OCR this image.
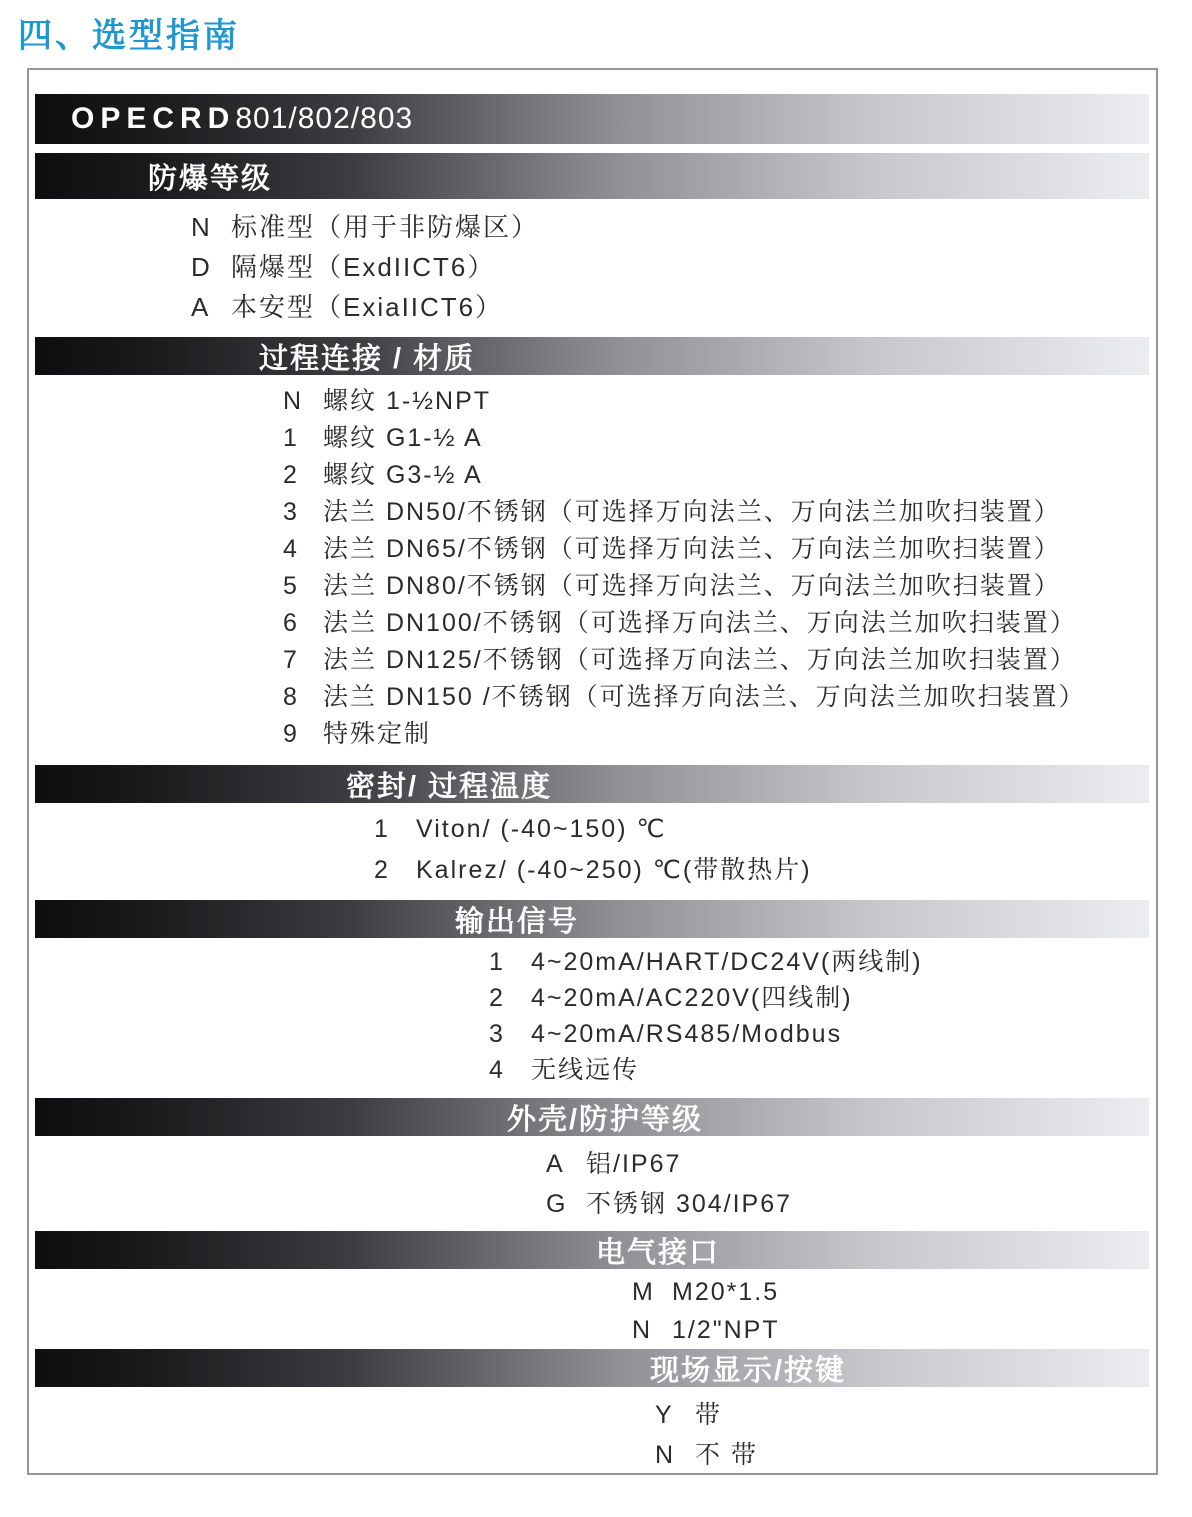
四、选型指南
OPECRD 801/802/803
防爆等级
N 标准型（用于非防爆区）
D 隔爆型（ExdIICT6）
A 本安型（ExiaIICT6）
过程连接 / 材质
N 螺纹 1-½NPT
1 螺纹 G1-½ A
2 螺纹 G3-½ A
3 法兰 DN50/不锈钢（可选择万向法兰、万向法兰加吹扫装置）
4 法兰 DN65/不锈钢（可选择万向法兰、万向法兰加吹扫装置）
5 法兰 DN80/不锈钢（可选择万向法兰、万向法兰加吹扫装置）
6 法兰 DN100/不锈钢（可选择万向法兰、万向法兰加吹扫装置）
7 法兰 DN125/不锈钢（可选择万向法兰、万向法兰加吹扫装置）
8 法兰 DN150 /不锈钢（可选择万向法兰、万向法兰加吹扫装置）
9 特殊定制
密封/ 过程温度
1 Viton/ (-40~150) ℃
2 Kalrez/ (-40~250) ℃(带散热片)
输出信号
1 4~20mA/HART/DC24V(两线制)
2 4~20mA/AC220V(四线制)
3 4~20mA/RS485/Modbus
4 无线远传
外壳/防护等级
A 铝/IP67
G 不锈钢 304/IP67
电气接口
M M20*1.5
N 1/2"NPT
现场显示/按键
Y 带
N 不 带
